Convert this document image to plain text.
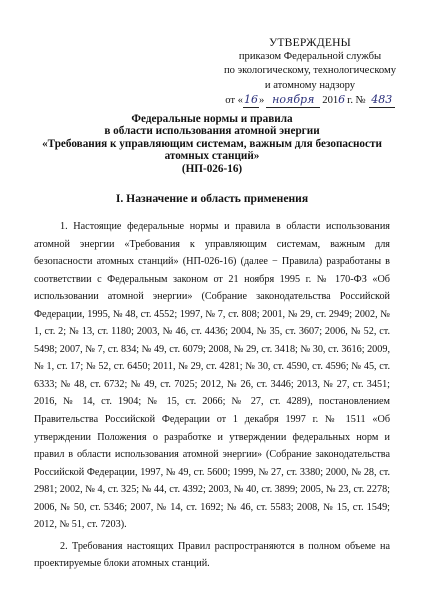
УТВЕРЖДЕНЫ
приказом Федеральной службы
по экологическому, технологическому
и атомному надзору
от « 16 » ноября 201 6 г. № 483
Федеральные нормы и правила
в области использования атомной энергии
«Требования к управляющим системам, важным для безопасности
атомных станций»
(НП-026-16)
I. Назначение и область применения

1. Настоящие федеральные нормы и правила в области использования атомной энергии «Требования к управляющим системам, важным для безопасности атомных станций» (НП-026-16) (далее − Правила) разработаны в соответствии с Федеральным законом от 21 ноября 1995 г. № 170-ФЗ «Об использовании атомной энергии» (Собрание законодательства Российской Федерации, 1995, № 48, ст. 4552; 1997, № 7, ст. 808; 2001, № 29, ст. 2949; 2002, № 1, ст. 2; № 13, ст. 1180; 2003, № 46, ст. 4436; 2004, № 35, ст. 3607; 2006, № 52, ст. 5498; 2007, № 7, ст. 834; № 49, ст. 6079; 2008, № 29, ст. 3418; № 30, ст. 3616; 2009, № 1, ст. 17; № 52, ст. 6450; 2011, № 29, ст. 4281; № 30, ст. 4590, ст. 4596; № 45, ст. 6333; № 48, ст. 6732; № 49, ст. 7025; 2012, № 26, ст. 3446; 2013, № 27, ст. 3451; 2016, № 14, ст. 1904; № 15, ст. 2066; № 27, ст. 4289), постановлением Правительства Российской Федерации от 1 декабря 1997 г. № 1511 «Об утверждении Положения о разработке и утверждении федеральных норм и правил в области использования атомной энергии» (Собрание законодательства Российской Федерации, 1997, № 49, ст. 5600; 1999, № 27, ст. 3380; 2000, № 28, ст. 2981; 2002, № 4, ст. 325; № 44, ст. 4392; 2003, № 40, ст. 3899; 2005, № 23, ст. 2278; 2006, № 50, ст. 5346; 2007, № 14, ст. 1692; № 46, ст. 5583; 2008, № 15, ст. 1549; 2012, № 51, ст. 7203).

2. Требования настоящих Правил распространяются в полном объеме на проектируемые блоки атомных станций.
